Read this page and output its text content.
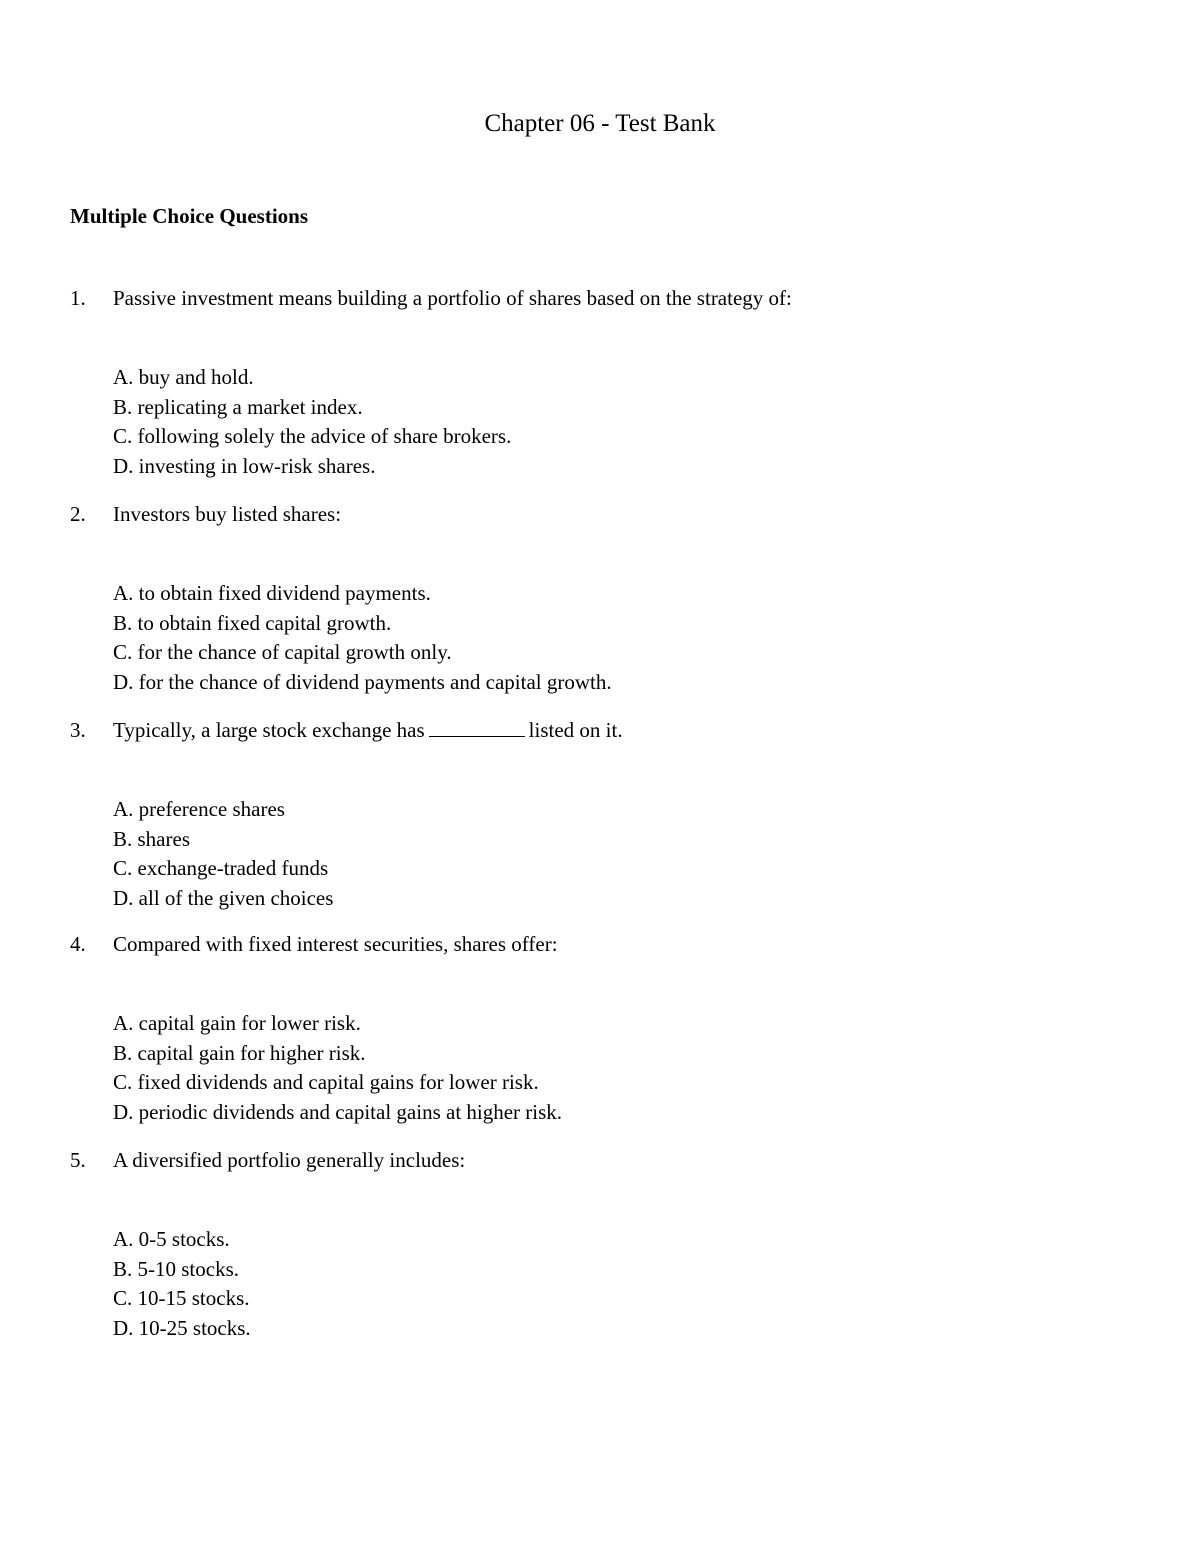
Chapter 06 - Test Bank
Multiple Choice Questions
1. Passive investment means building a portfolio of shares based on the strategy of:
A. buy and hold.
B. replicating a market index.
C. following solely the advice of share brokers.
D. investing in low-risk shares.
2. Investors buy listed shares:
A. to obtain fixed dividend payments.
B. to obtain fixed capital growth.
C. for the chance of capital growth only.
D. for the chance of dividend payments and capital growth.
3. Typically, a large stock exchange has	listed on it.
A. preference shares
B. shares
C. exchange-traded funds
D. all of the given choices
4. Compared with fixed interest securities, shares offer:
A. capital gain for lower risk.
B. capital gain for higher risk.
C. fixed dividends and capital gains for lower risk.
D. periodic dividends and capital gains at higher risk.
5. A diversified portfolio generally includes:
A. 0-5 stocks.
B. 5-10 stocks.
C. 10-15 stocks.
D. 10-25 stocks.
